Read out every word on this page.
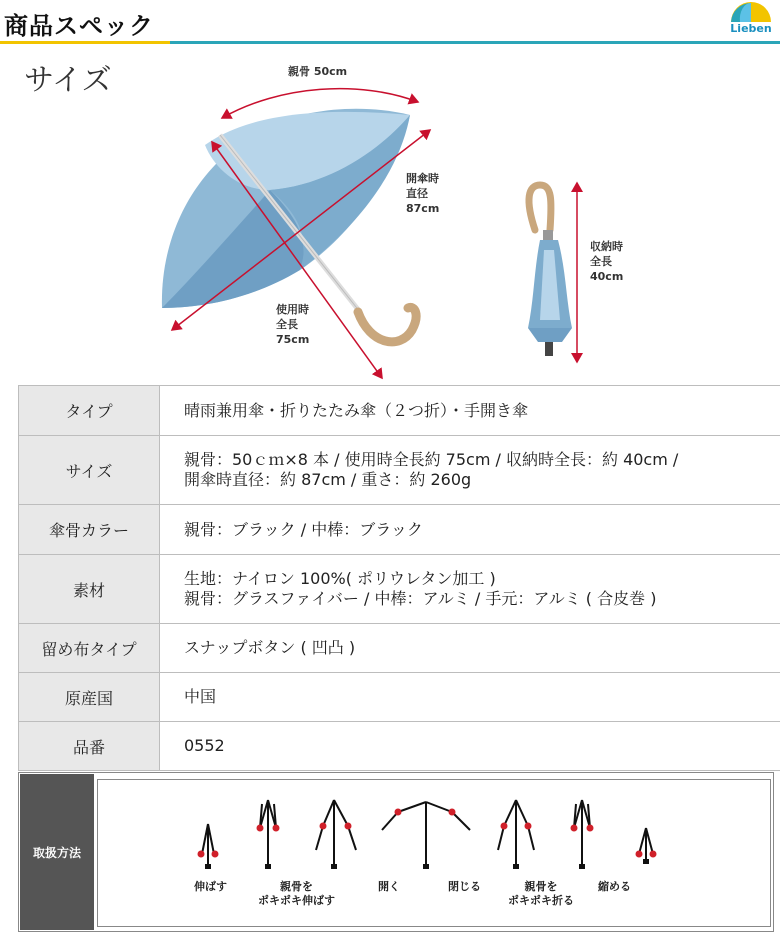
商品スペック	Lieben
サイズ	親骨 50cm
開傘時
直径
87cm
収納時
全長
40cm
使用時
全長
75cm
タイプ	晴雨兼用傘・折りたたみ傘（２つ折）・手開き傘
サイズ	親骨：50ｃｍ×8 本 / 使用時全長約 75cm / 収納時全長：約 40cm /
開傘時直径：約 87cm / 重さ：約 260g
傘骨カラー	親骨：ブラック / 中棒：ブラック
素材	生地：ナイロン 100%( ポリウレタン加工 )
親骨：グラスファイバー / 中棒：アルミ / 手元：アルミ ( 合皮巻 )
留め布タイプ	スナップボタン ( 凹凸 )
原産国	中国
品番	0552
取扱方法
伸ばす	親骨を
ポキポキ伸ばす
開く	閉じる	親骨を
ポキポキ折る
縮める
